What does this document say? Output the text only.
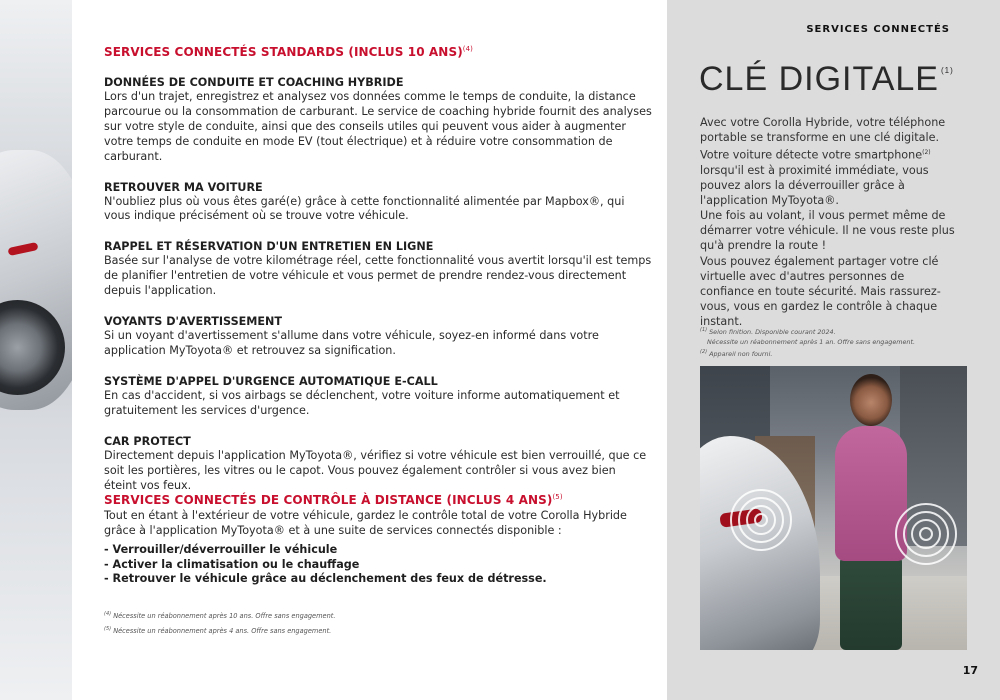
SERVICES CONNECTÉS STANDARDS (INCLUS 10 ANS)$^{(4)}$
DONNÉES DE CONDUITE ET COACHING HYBRIDE
Lors d'un trajet, enregistrez et analysez vos données comme le temps de conduite, la distance parcourue ou la consommation de carburant. Le service de coaching hybride fournit des analyses sur votre style de conduite, ainsi que des conseils utiles qui peuvent vous aider à augmenter votre temps de conduite en mode EV (tout électrique) et à réduire votre consommation de carburant.
RETROUVER MA VOITURE
N'oubliez plus où vous êtes garé(e) grâce à cette fonctionnalité alimentée par Mapbox®, qui vous indique précisément où se trouve votre véhicule.
RAPPEL ET RÉSERVATION D'UN ENTRETIEN EN LIGNE
Basée sur l'analyse de votre kilométrage réel, cette fonctionnalité vous avertit lorsqu'il est temps de planifier l'entretien de votre véhicule et vous permet de prendre rendez-vous directement depuis l'application.
VOYANTS D'AVERTISSEMENT
Si un voyant d'avertissement s'allume dans votre véhicule, soyez-en informé dans votre application MyToyota® et retrouvez sa signification.
SYSTÈME D'APPEL D'URGENCE AUTOMATIQUE E-CALL
En cas d'accident, si vos airbags se déclenchent, votre voiture informe automatiquement et gratuitement les services d'urgence.
CAR PROTECT
Directement depuis l'application MyToyota®, vérifiez si votre véhicule est bien verrouillé, que ce soit les portières, les vitres ou le capot. Vous pouvez également contrôler si vous avez bien éteint vos feux.
SERVICES CONNECTÉS DE CONTRÔLE À DISTANCE (INCLUS 4 ANS)$^{(5)}$
Tout en étant à l'extérieur de votre véhicule, gardez le contrôle total de votre Corolla Hybride grâce à l'application MyToyota® et à une suite de services connectés disponible :
- Verrouiller/déverrouiller le véhicule
- Activer la climatisation ou le chauffage
- Retrouver le véhicule grâce au déclenchement des feux de détresse.
$^{(4)}$ Nécessite un réabonnement après 10 ans. Offre sans engagement.
$^{(5)}$ Nécessite un réabonnement après 4 ans. Offre sans engagement.
SERVICES CONNECTÉS
CLÉ DIGITALE $^{(1)}$
Avec votre Corolla Hybride, votre téléphone portable se transforme en une clé digitale. Votre voiture détecte votre smartphone$^{(2)}$ lorsqu'il est à proximité immédiate, vous pouvez alors la déverrouiller grâce à l'application MyToyota®.
Une fois au volant, il vous permet même de démarrer votre véhicule. Il ne vous reste plus qu'à prendre la route !
Vous pouvez également partager votre clé virtuelle avec d'autres personnes de confiance en toute sécurité. Mais rassurez-vous, vous en gardez le contrôle à chaque instant.
$^{(1)}$ Selon finition. Disponible courant 2024.
Nécessite un réabonnement après 1 an. Offre sans engagement.
$^{(2)}$ Appareil non fourni.
17
